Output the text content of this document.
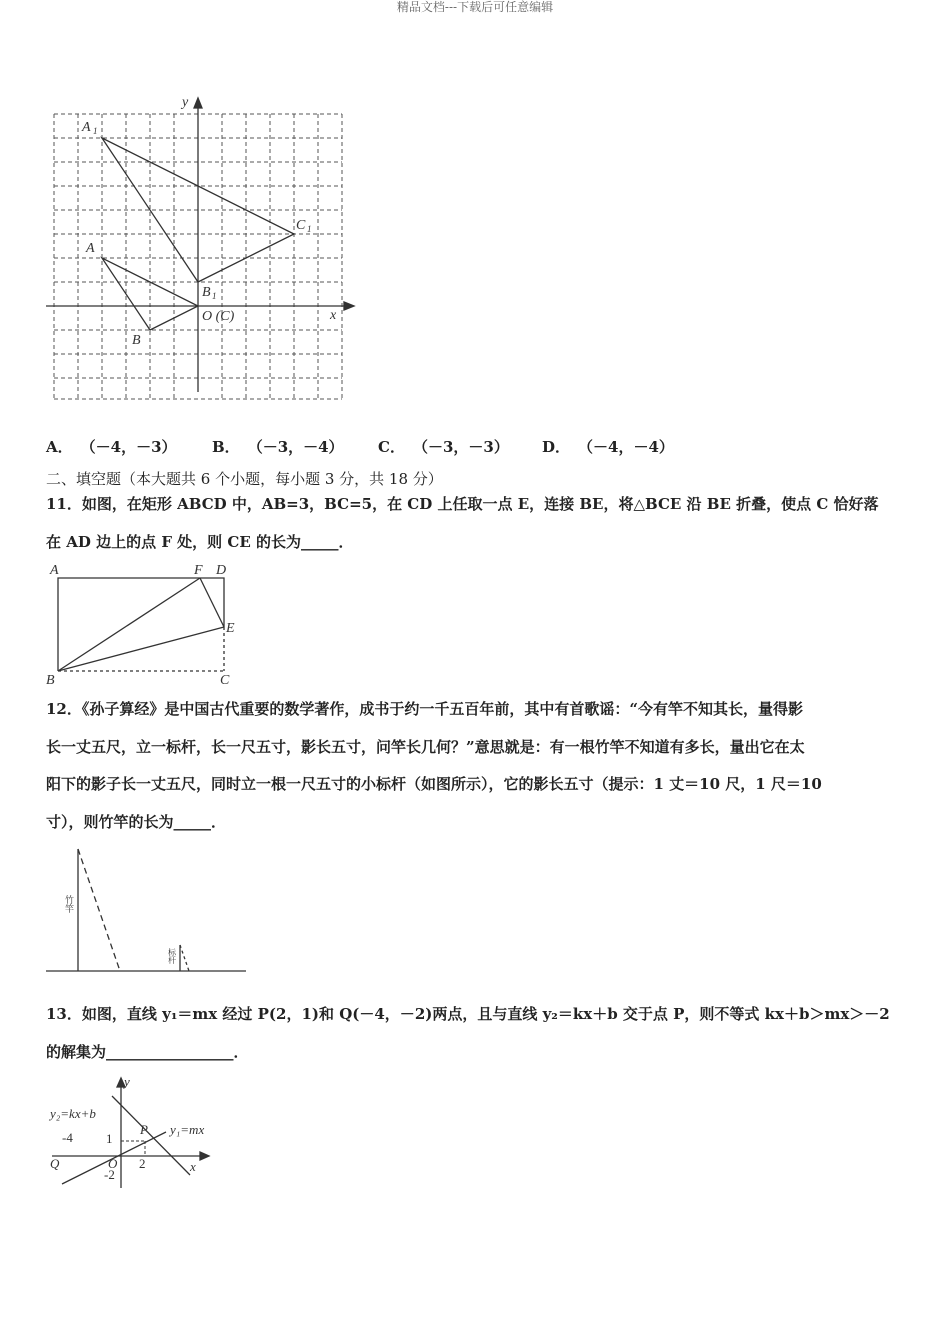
精品文档---下载后可任意编辑
x
y
A 1
C 1
A
B
B 1
O (C)
A． （－4，－3） B． （－3，－4） C． （－3，－3） D． （－4，－4）
二、填空题（本大题共 6 个小题，每小题 3 分，共 18 分）
11．如图，在矩形 ABCD 中，AB=3，BC=5，在 CD 上任取一点 E，连接 BE，将△BCE 沿 BE 折叠，使点 C 恰好落
在 AD 边上的点 F 处，则 CE 的长为_____．
A	F D
E
B	C
12．《孙子算经》是中国古代重要的数学著作，成书于约一千五百年前，其中有首歌谣：“今有竿不知其长，量得影
长一丈五尺，立一标杆，长一尺五寸，影长五寸，问竿长几何？”意思就是：有一根竹竿不知道有多长，量出它在太
阳下的影子长一丈五尺，同时立一根一尺五寸的小标杆（如图所示），它的影长五寸（提示：1 丈＝10 尺，1 尺＝10
寸），则竹竿的长为_____．
竹竿
标杆
13．如图，直线 y₁＝mx 经过 P(2，1)和 Q(－4，－2)两点，且与直线 y₂＝kx＋b 交于点 P，则不等式 kx＋b＞mx＞－2
的解集为_________________．
y
x
y₂=kx+b
y₁=mx
-4	1
P
Q	O 2
-2
